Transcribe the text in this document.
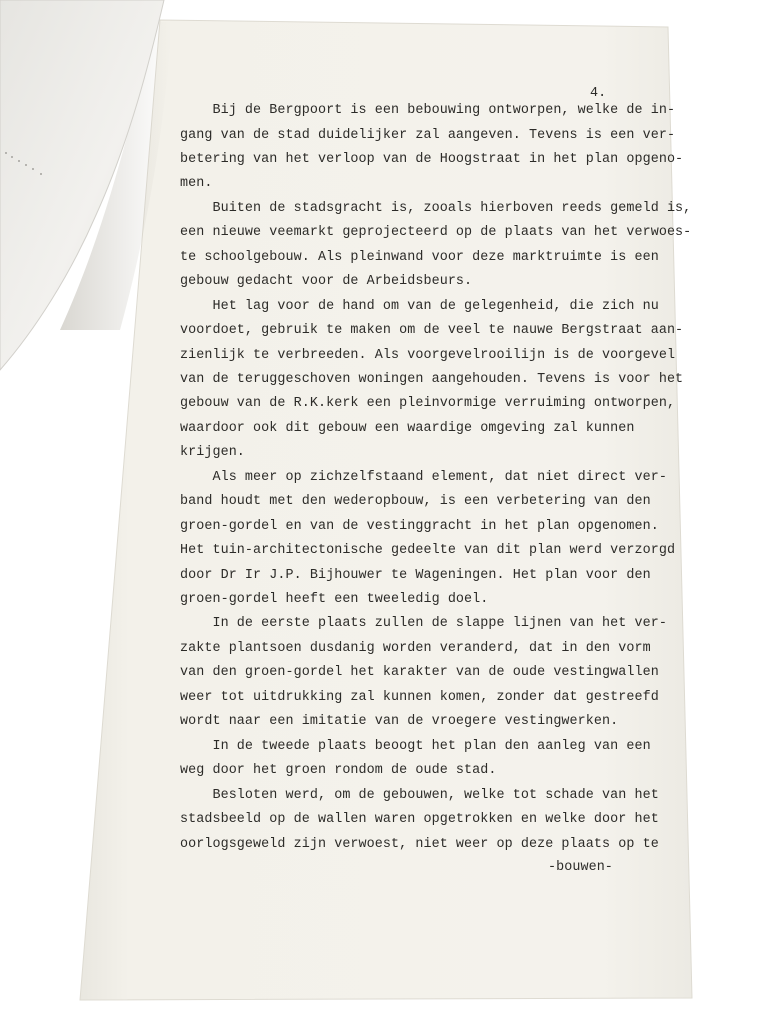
4.

Bij de Bergpoort is een bebouwing ontworpen, welke de in-

gang van de stad duidelijker zal aangeven. Tevens is een ver-

betering van het verloop van de Hoogstraat in het plan opgeno-

men.

Buiten de stadsgracht is, zooals hierboven reeds gemeld is,

een nieuwe veemarkt geprojecteerd op de plaats van het verwoes-

te schoolgebouw. Als pleinwand voor deze marktruimte is een

gebouw gedacht voor de Arbeidsbeurs.

Het lag voor de hand om van de gelegenheid, die zich nu

voordoet, gebruik te maken om de veel te nauwe Bergstraat aan-

zienlijk te verbreeden. Als voorgevelrooilijn is de voorgevel

van de teruggeschoven woningen aangehouden. Tevens is voor het

gebouw van de R.K.kerk een pleinvormige verruiming ontworpen,

waardoor ook dit gebouw een waardige omgeving zal kunnen

krijgen.

Als meer op zichzelfstaand element, dat niet direct ver-

band houdt met den wederopbouw, is een verbetering van den

groen-gordel en van de vestinggracht in het plan opgenomen.

Het tuin-architectonische gedeelte van dit plan werd verzorgd

door Dr Ir J.P. Bijhouwer te Wageningen. Het plan voor den

groen-gordel heeft een tweeledig doel.

In de eerste plaats zullen de slappe lijnen van het ver-

zakte plantsoen dusdanig worden veranderd, dat in den vorm

van den groen-gordel het karakter van de oude vestingwallen

weer tot uitdrukking zal kunnen komen, zonder dat gestreefd

wordt naar een imitatie van de vroegere vestingwerken.

In de tweede plaats beoogt het plan den aanleg van een

weg door het groen rondom de oude stad.

Besloten werd, om de gebouwen, welke tot schade van het

stadsbeeld op de wallen waren opgetrokken en welke door het

oorlogsgeweld zijn verwoest, niet weer op deze plaats op te

-bouwen-
